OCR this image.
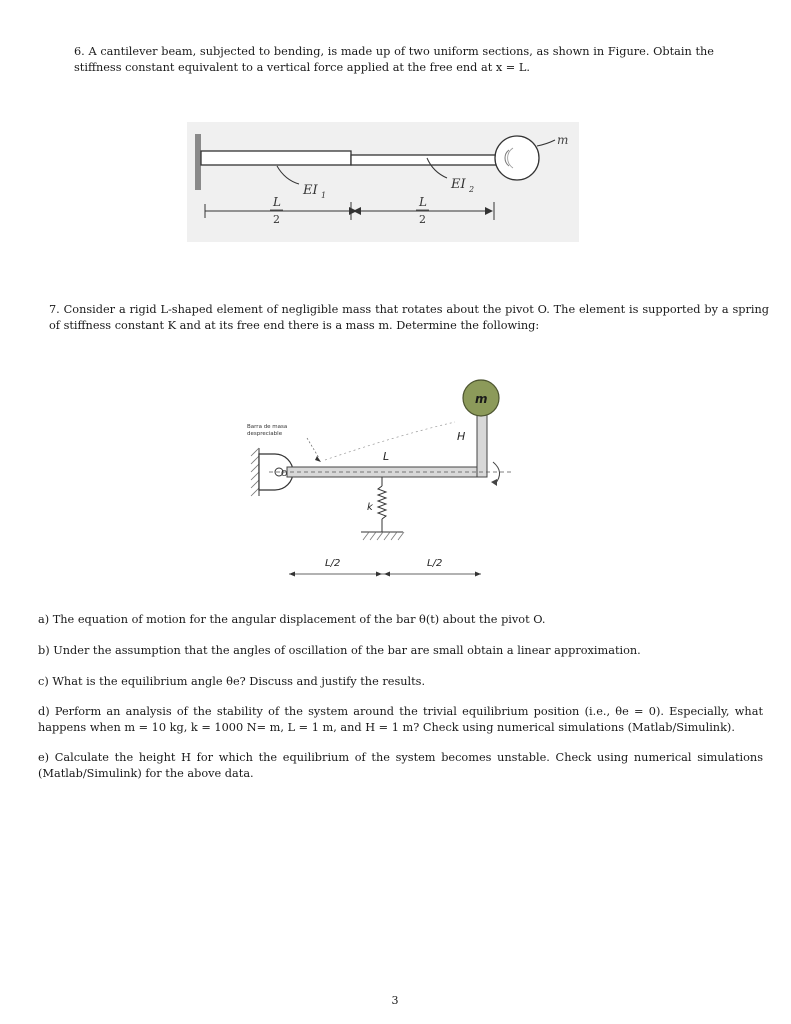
6. A cantilever beam, subjected to bending, is made up of two uniform sections, as shown in Figure. Obtain the stiffness constant equivalent to a vertical force applied at the free end at x = L.
m
EI 1
EI 2
L
2
L
2
7. Consider a rigid L-shaped element of negligible mass that rotates about the pivot O. The element is supported by a spring of stiffness constant K and at its free end there is a mass m. Determine the following:
O
m
H
L
Barra de masa
despreciable
k
L/2	L/2
a) The equation of motion for the angular displacement of the bar θ(t) about the pivot O.
b) Under the assumption that the angles of oscillation of the bar are small obtain a linear approximation.
c) What is the equilibrium angle θe? Discuss and justify the results.
d) Perform an analysis of the stability of the system around the trivial equilibrium position (i.e., θe = 0). Especially, what happens when m = 10 kg, k = 1000 N= m, L = 1 m, and H = 1 m? Check using numerical simulations (Matlab/Simulink).
e) Calculate the height H for which the equilibrium of the system becomes unstable. Check using numerical simulations (Matlab/Simulink) for the above data.
3
